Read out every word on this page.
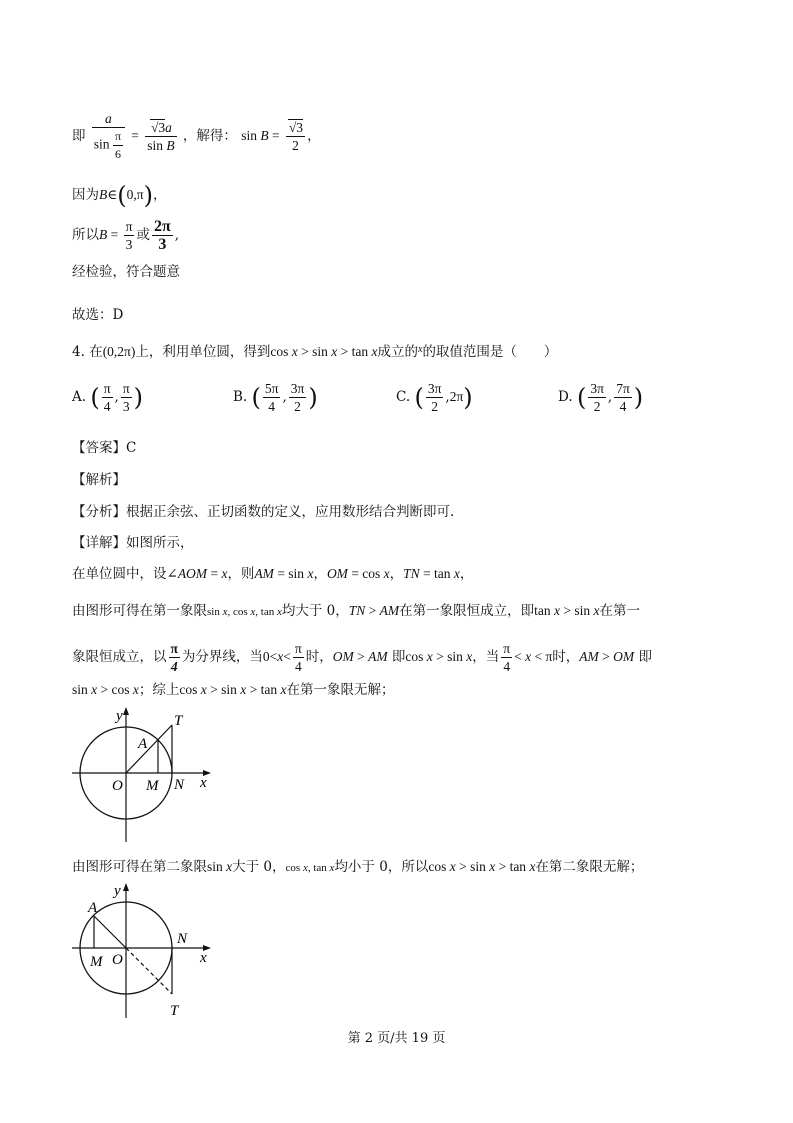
即 $\frac{a}{\sin \frac{\pi}{6}} = \frac{√3a}{\text{sin B}}$ ，解得： $\sin B = \frac{√3}{2}$ ，
因为B∈(0,π)，
所以$B = \frac{\pi}{3}$ 或 $\frac{2\pi}{3}$ ,
经检验，符合题意
故选：D
4. 在(0,2π)上，利用单位圆，得到cos x > sin x > tan x成立的$^x$的取值范围是（　　）
A. ( $\frac{\pi}{4}$ , $\frac{\pi}{3}$ )	B. ( $\frac{5\pi}{4}$ , $\frac{3\pi}{2}$ )	C. ( $\frac{3\pi}{2} ,2\pi$)	D. ( $\frac{3\pi}{2}$ , $\frac{7\pi}{4}$ )
【答案】C
【解析】
【分析】根据正余弦、正切函数的定义，应用数形结合判断即可.
【详解】如图所示，
在单位圆中，设∠AOM = x，则AM = sin x，OM = cos x，TN = tan x，
由图形可得在第一象限sin x, cos x, tan x均大于 0，TN > AM在第一象限恒成立，即tan x > sin x在第一
象限恒成立，以 $\frac{\pi}{4}$ 为分界线，当$0<x< \frac{\pi}{4}$ 时，OM > AM 即cos x > sin x，当 $\frac{\pi}{4} < x < \pi$时，AM > OM 即
sin x > cos x；综上cos x > sin x > tan x在第一象限无解；
y	T
A
O M N x
由图形可得在第二象限sin x大于 0，cos x, tan x均小于 0，所以cos x > sin x > tan x在第二象限无解；
y
A
N
M O	x
T
第 2 页/共 19 页
